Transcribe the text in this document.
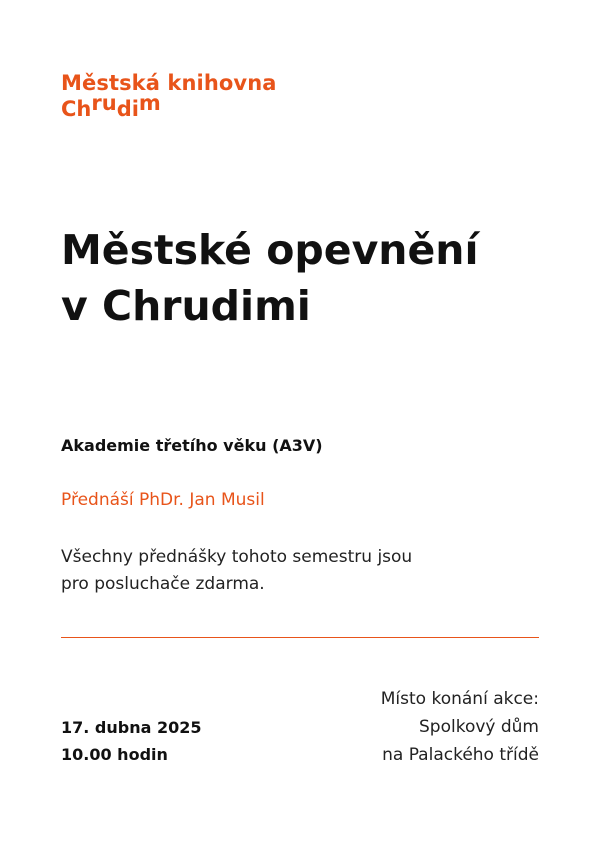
Městská knihovna
Chrudim
Městské opevnění
v Chrudimi
Akademie třetího věku (A3V)
Přednáší PhDr. Jan Musil
Všechny přednášky tohoto semestru jsou
pro posluchače zdarma.
17. dubna 2025
10.00 hodin
Místo konání akce:
Spolkový dům
na Palackého třídě
